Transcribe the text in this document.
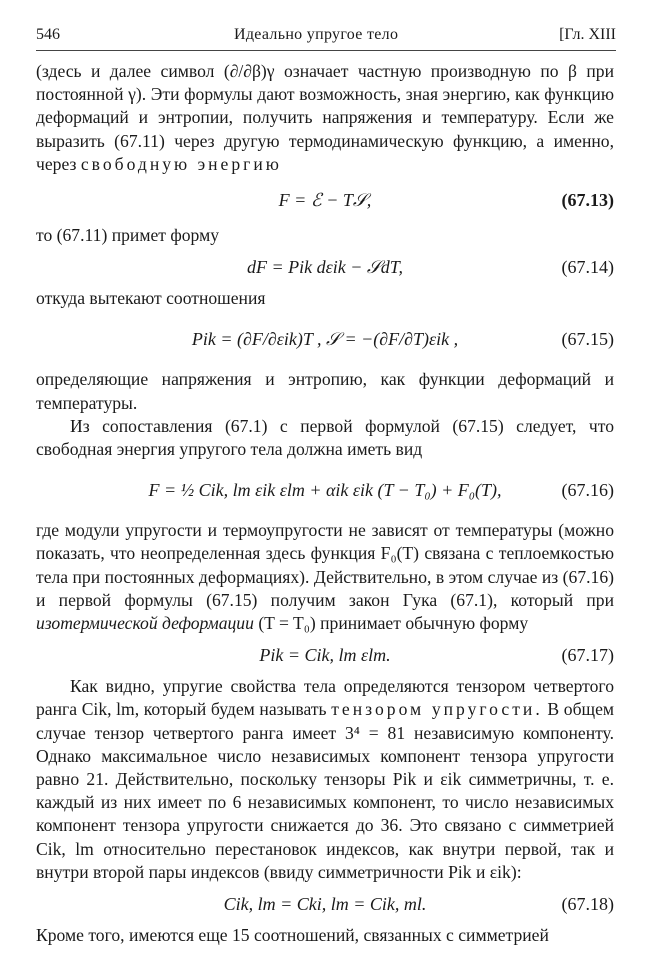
546	Идеально упругое тело	[Гл. XIII

(здесь и далее символ (∂/∂β)γ означает частную производную по β при постоянной γ). Эти формулы дают возможность, зная энергию, как функцию деформаций и энтропии, получить напряжения и температуру. Если же выразить (67.11) через другую термодинамическую функцию, а именно, через свободную энергию

F = ℰ − T𝒮,	(67.13)

то (67.11) примет форму

dF = Pik dεik − 𝒮dT,	(67.14)

откуда вытекают соотношения

Pik = (∂F/∂εik)T , 𝒮 = −(∂F/∂T)εik ,	(67.15)

определяющие напряжения и энтропию, как функции деформаций и температуры.

Из сопоставления (67.1) с первой формулой (67.15) следует, что свободная энергия упругого тела должна иметь вид

F = ½ Cik, lm εik εlm + αik εik (T − T₀) + F₀(T),	(67.16)

где модули упругости и термоупругости не зависят от температуры (можно показать, что неопределенная здесь функция F₀(T) связана с теплоемкостью тела при постоянных деформациях). Действительно, в этом случае из (67.16) и первой формулы (67.15) получим закон Гука (67.1), который при изотермической деформации (T = T₀) принимает обычную форму

Pik = Cik, lm εlm.	(67.17)

Как видно, упругие свойства тела определяются тензором четвертого ранга Cik, lm, который будем называть тензором упругости. В общем случае тензор четвертого ранга имеет 3⁴ = 81 независимую компоненту. Однако максимальное число независимых компонент тензора упругости равно 21. Действительно, поскольку тензоры Pik и εik симметричны, т. е. каждый из них имеет по 6 независимых компонент, то число независимых компонент тензора упругости снижается до 36. Это связано с симметрией Cik, lm относительно перестановок индексов, как внутри первой, так и внутри второй пары индексов (ввиду симметричности Pik и εik):

Cik, lm = Cki, lm = Cik, ml.	(67.18)

Кроме того, имеются еще 15 соотношений, связанных с симметрией
